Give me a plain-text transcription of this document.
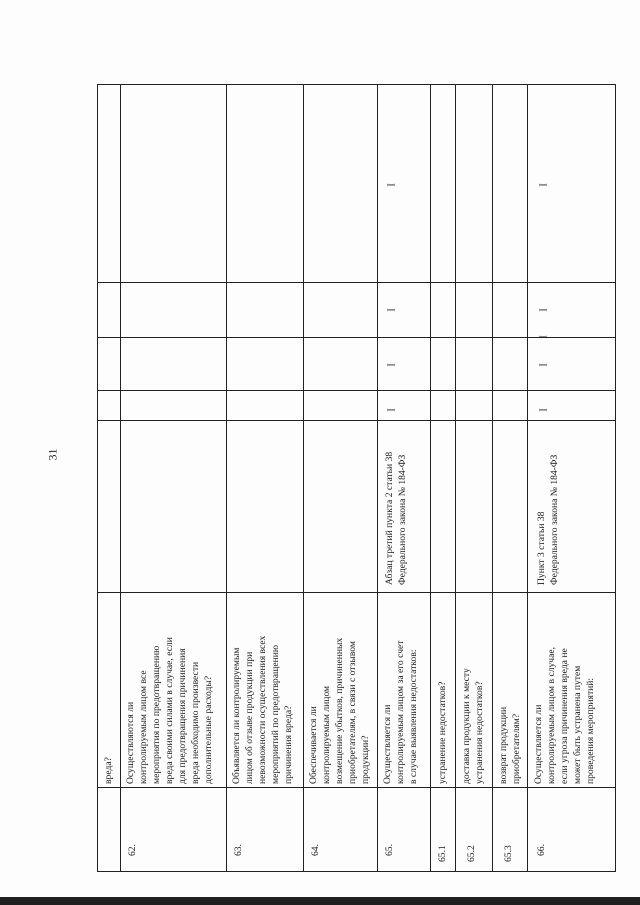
31
вреда?
62.
Осуществляются ли
контролируемым лицом все
мероприятия по предотвращению
вреда своими силами в случае, если
для предотвращения причинения
вреда необходимо произвести
дополнительные расходы?
63.
Объявляется ли контролируемым
лицом об отзыве продукции при
невозможности осуществления всех
мероприятий по предотвращению
причинения вреда?
64.
Обеспечивается ли
контролируемым лицом
возмещение убытков, причиненных
приобретателям, в связи с отзывом
продукции?
65.
Осуществляется ли
контролируемым лицом за его счет
в случае выявления недостатков:
Абзац третий пункта 2 статьи 38
Федерального закона № 184-ФЗ
I
I
I
I
65.1
устранение недостатков?
65.2
доставка продукции к месту
устранения недостатков?
65.3
возврат продукции
приобретателям?
66.
Осуществляется ли
контролируемым лицом в случае,
если угроза причинения вреда не
может быть устранена путем
проведения мероприятий:
Пункт 3 статьи 38
Федерального закона № 184-ФЗ
I
I
I
I
I
